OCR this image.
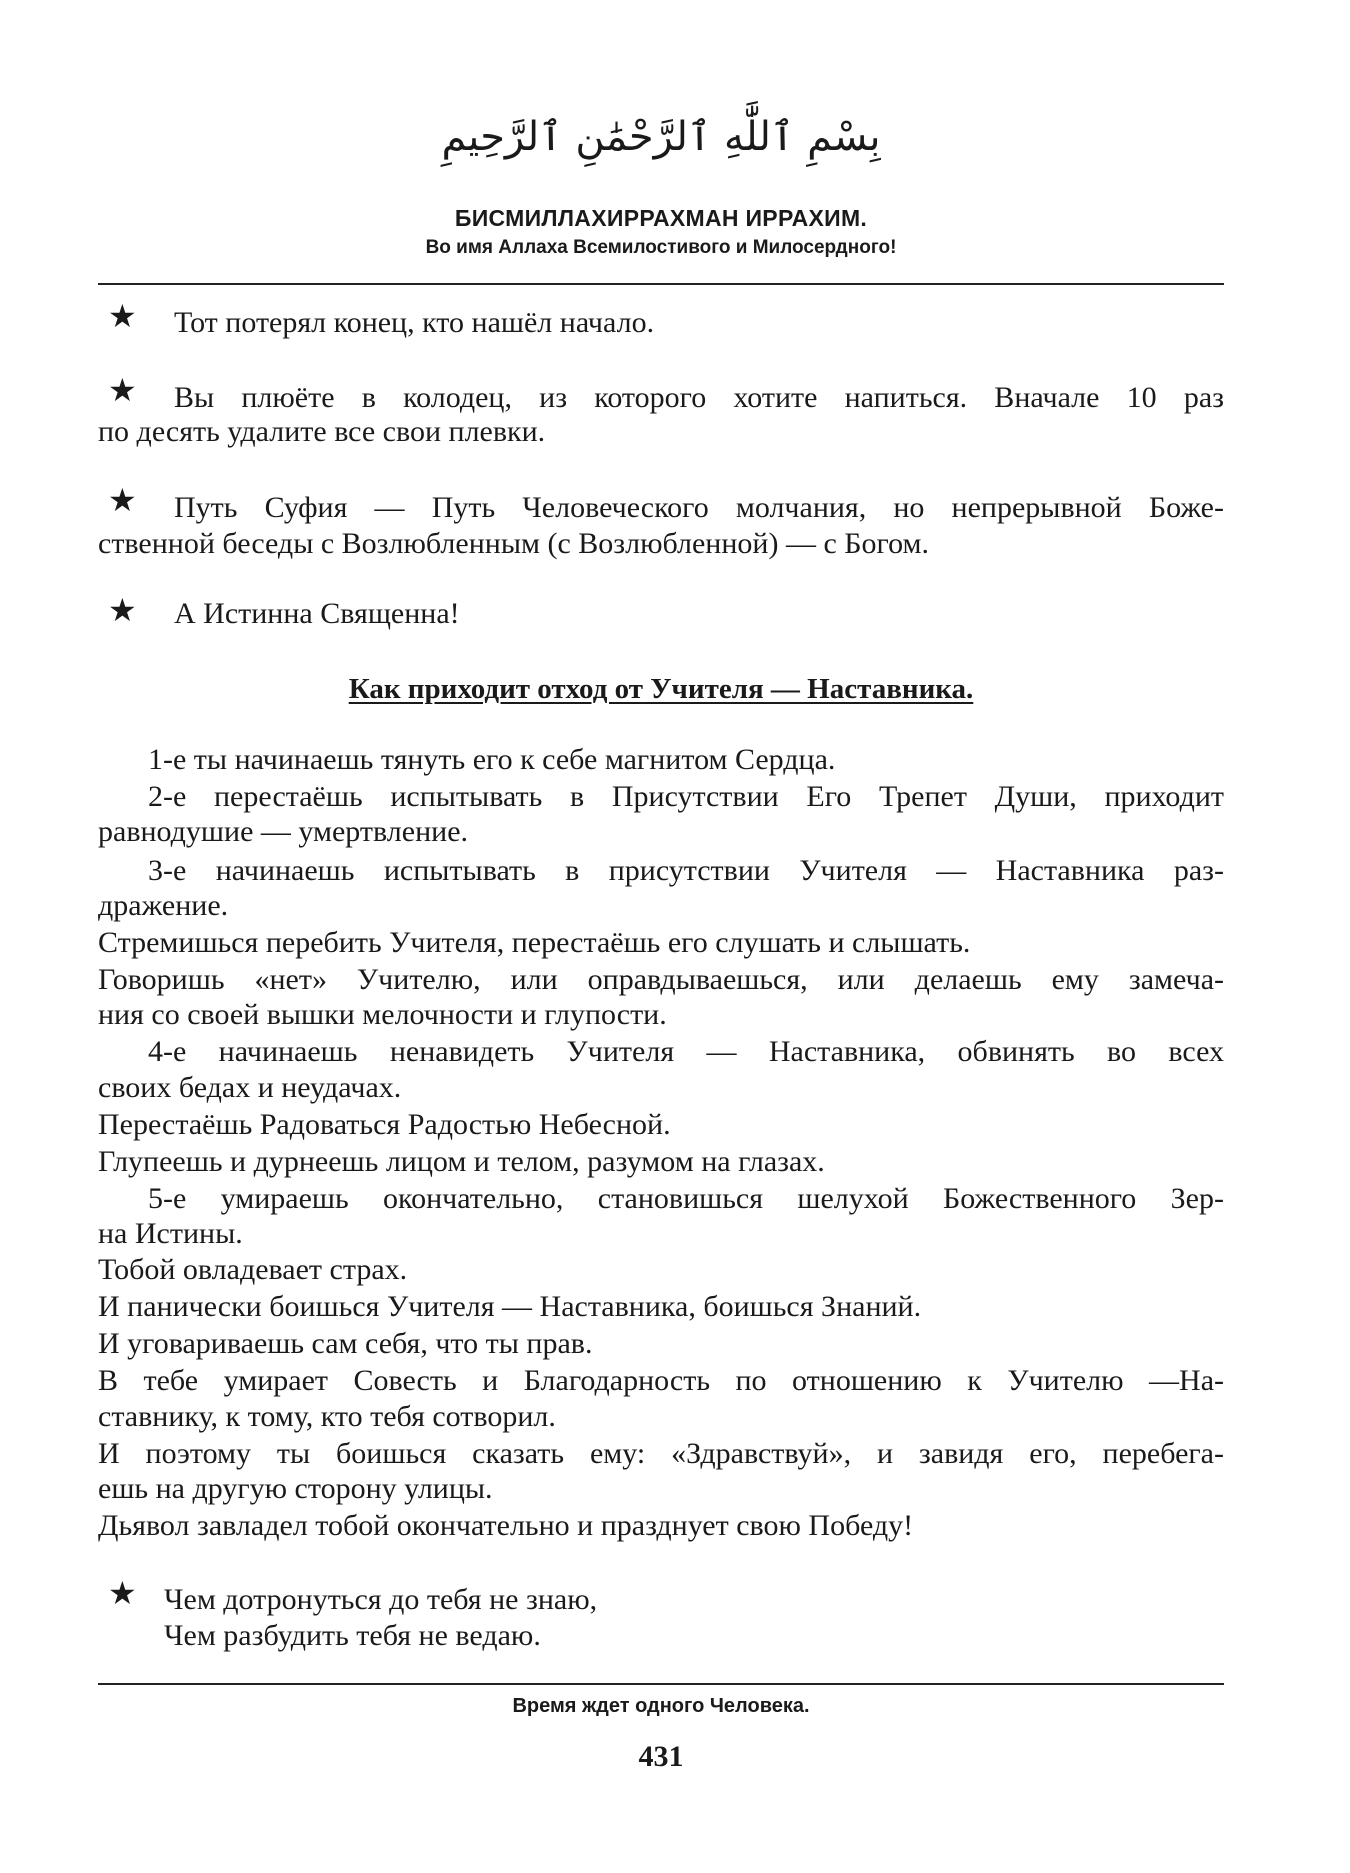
بِسْمِ ٱللَّٰهِ ٱلرَّحْمَٰنِ ٱلرَّحِيمِ
БИСМИЛЛАХИРРАХМАН ИРРАХИМ.
Во имя Аллаха Всемилостивого и Милосердного!
★ Тот потерял конец, кто нашёл начало.
★ Вы плюёте в колодец, из которого хотите напиться. Вначале 10 раз
по десять удалите все свои плевки.
★ Путь Суфия — Путь Человеческого молчания, но непрерывной Боже-
ственной беседы с Возлюбленным (с Возлюбленной) — с Богом.
★ А Истинна Священна!
Как приходит отход от Учителя — Наставника.
1-е ты начинаешь тянуть его к себе магнитом Сердца.
2-е перестаёшь испытывать в Присутствии Его Трепет Души, приходит
равнодушие — умертвление.
3-е начинаешь испытывать в присутствии Учителя — Наставника раз-
дражение.
Стремишься перебить Учителя, перестаёшь его слушать и слышать.
Говоришь «нет» Учителю, или оправдываешься, или делаешь ему замеча-
ния со своей вышки мелочности и глупости.
4-е начинаешь ненавидеть Учителя — Наставника, обвинять во всех
своих бедах и неудачах.
Перестаёшь Радоваться Радостью Небесной.
Глупеешь и дурнеешь лицом и телом, разумом на глазах.
5-е умираешь окончательно, становишься шелухой Божественного Зер-
на Истины.
Тобой овладевает страх.
И панически боишься Учителя — Наставника, боишься Знаний.
И уговариваешь сам себя, что ты прав.
В тебе умирает Совесть и Благодарность по отношению к Учителю —На-
ставнику, к тому, кто тебя сотворил.
И поэтому ты боишься сказать ему: «Здравствуй», и завидя его, перебега-
ешь на другую сторону улицы.
Дьявол завладел тобой окончательно и празднует свою Победу!
★ Чем дотронуться до тебя не знаю,
Чем разбудить тебя не ведаю.
Время ждет одного Человека.
431
